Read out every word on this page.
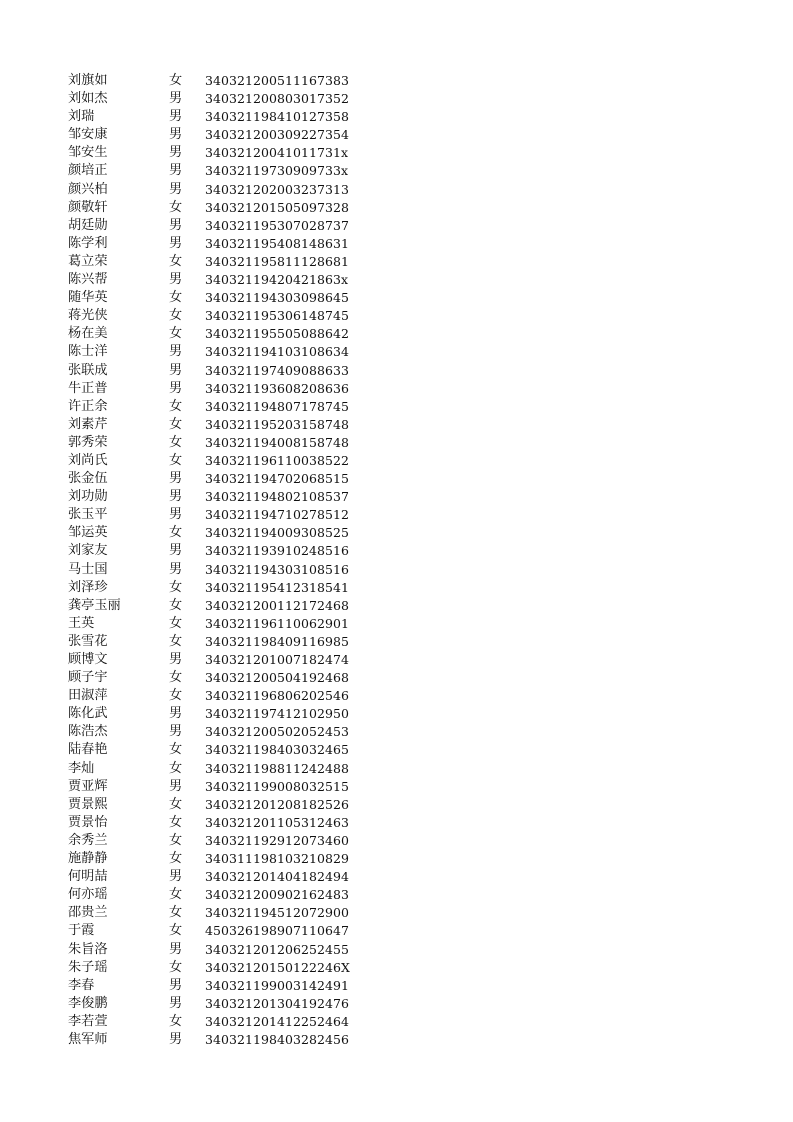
刘旗如	女 340321200511167383
刘如杰	男 340321200803017352
刘瑞	男 340321198410127358
邹安康	男 340321200309227354
邹安生	男 34032120041011731x
颜培正	男 34032119730909733x
颜兴柏	男 340321202003237313
颜敬轩	女 340321201505097328
胡廷勋	男 340321195307028737
陈学利	男 340321195408148631
葛立荣	女 340321195811128681
陈兴帮	男 34032119420421863x
随华英	女 340321194303098645
蒋光侠	女 340321195306148745
杨在美	女 340321195505088642
陈士洋	男 340321194103108634
张联成	男 340321197409088633
牛正普	男 340321193608208636
许正余	女 340321194807178745
刘素芹	女 340321195203158748
郭秀荣	女 340321194008158748
刘尚氏	女 340321196110038522
张金伍	男 340321194702068515
刘功勋	男 340321194802108537
张玉平	男 340321194710278512
邹运英	女 340321194009308525
刘家友	男 340321193910248516
马士国	男 340321194303108516
刘泽珍	女 340321195412318541
龚亭玉丽	女 340321200112172468
王英	女 340321196110062901
张雪花	女 340321198409116985
顾博文	男 340321201007182474
顾子宇	女 340321200504192468
田淑萍	女 340321196806202546
陈化武	男 340321197412102950
陈浩杰	男 340321200502052453
陆春艳	女 340321198403032465
李灿	女 340321198811242488
贾亚辉	男 340321199008032515
贾景熙	女 340321201208182526
贾景怡	女 340321201105312463
余秀兰	女 340321192912073460
施静静	女 340311198103210829
何明喆	男 340321201404182494
何亦瑶	女 340321200902162483
邵贵兰	女 340321194512072900
于霞	女 450326198907110647
朱旨洛	男 340321201206252455
朱子瑶	女 34032120150122246X
李春	男 340321199003142491
李俊鹏	男 340321201304192476
李若萱	女 340321201412252464
焦军师	男 340321198403282456
